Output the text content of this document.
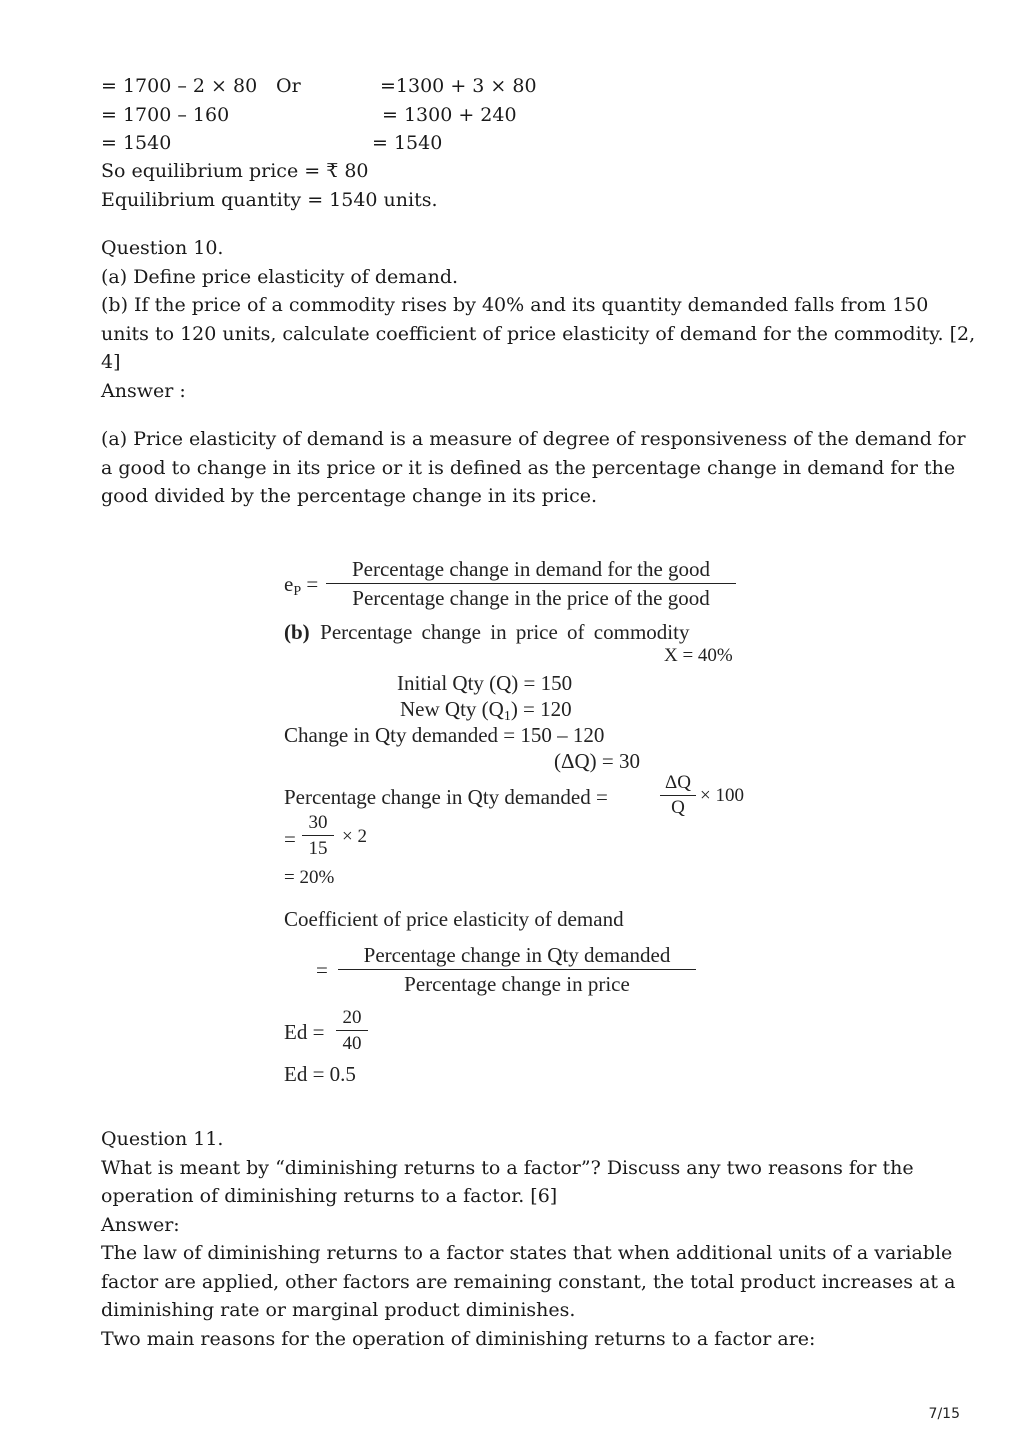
= 1700 – 2 × 80 Or	=1300 + 3 × 80
= 1700 – 160	= 1300 + 240
= 1540	= 1540
So equilibrium price = ₹ 80
Equilibrium quantity = 1540 units.
Question 10.
(a) Define price elasticity of demand.
(b) If the price of a commodity rises by 40% and its quantity demanded falls from 150
units to 120 units, calculate coefficient of price elasticity of demand for the commodity. [2,
4]
Answer :
(a) Price elasticity of demand is a measure of degree of responsiveness of the demand for
a good to change in its price or it is defined as the percentage change in demand for the
good divided by the percentage change in its price.
$e_P$ =
Percentage change in demand for the good
Percentage change in the price of the good
(b) Percentage change in price of commodity
X = 40%
Initial Qty (Q) = 150
New Qty $(Q_1) = 120$
Change in Qty demanded = 150 – 120
(ΔQ) = 30
Percentage change in Qty demanded =	$\frac{\Delta Q}{Q} \times 100$
= $\frac{30}{15} \times 2$
= 20%
Coefficient of price elasticity of demand
=
Percentage change in Qty demanded
Percentage change in price
$Ed = \frac{20}{40}$
Ed = 0.5
Question 11.
What is meant by “diminishing returns to a factor”? Discuss any two reasons for the
operation of diminishing returns to a factor. [6]
Answer:
The law of diminishing returns to a factor states that when additional units of a variable
factor are applied, other factors are remaining constant, the total product increases at a
diminishing rate or marginal product diminishes.
Two main reasons for the operation of diminishing returns to a factor are:
7/15
